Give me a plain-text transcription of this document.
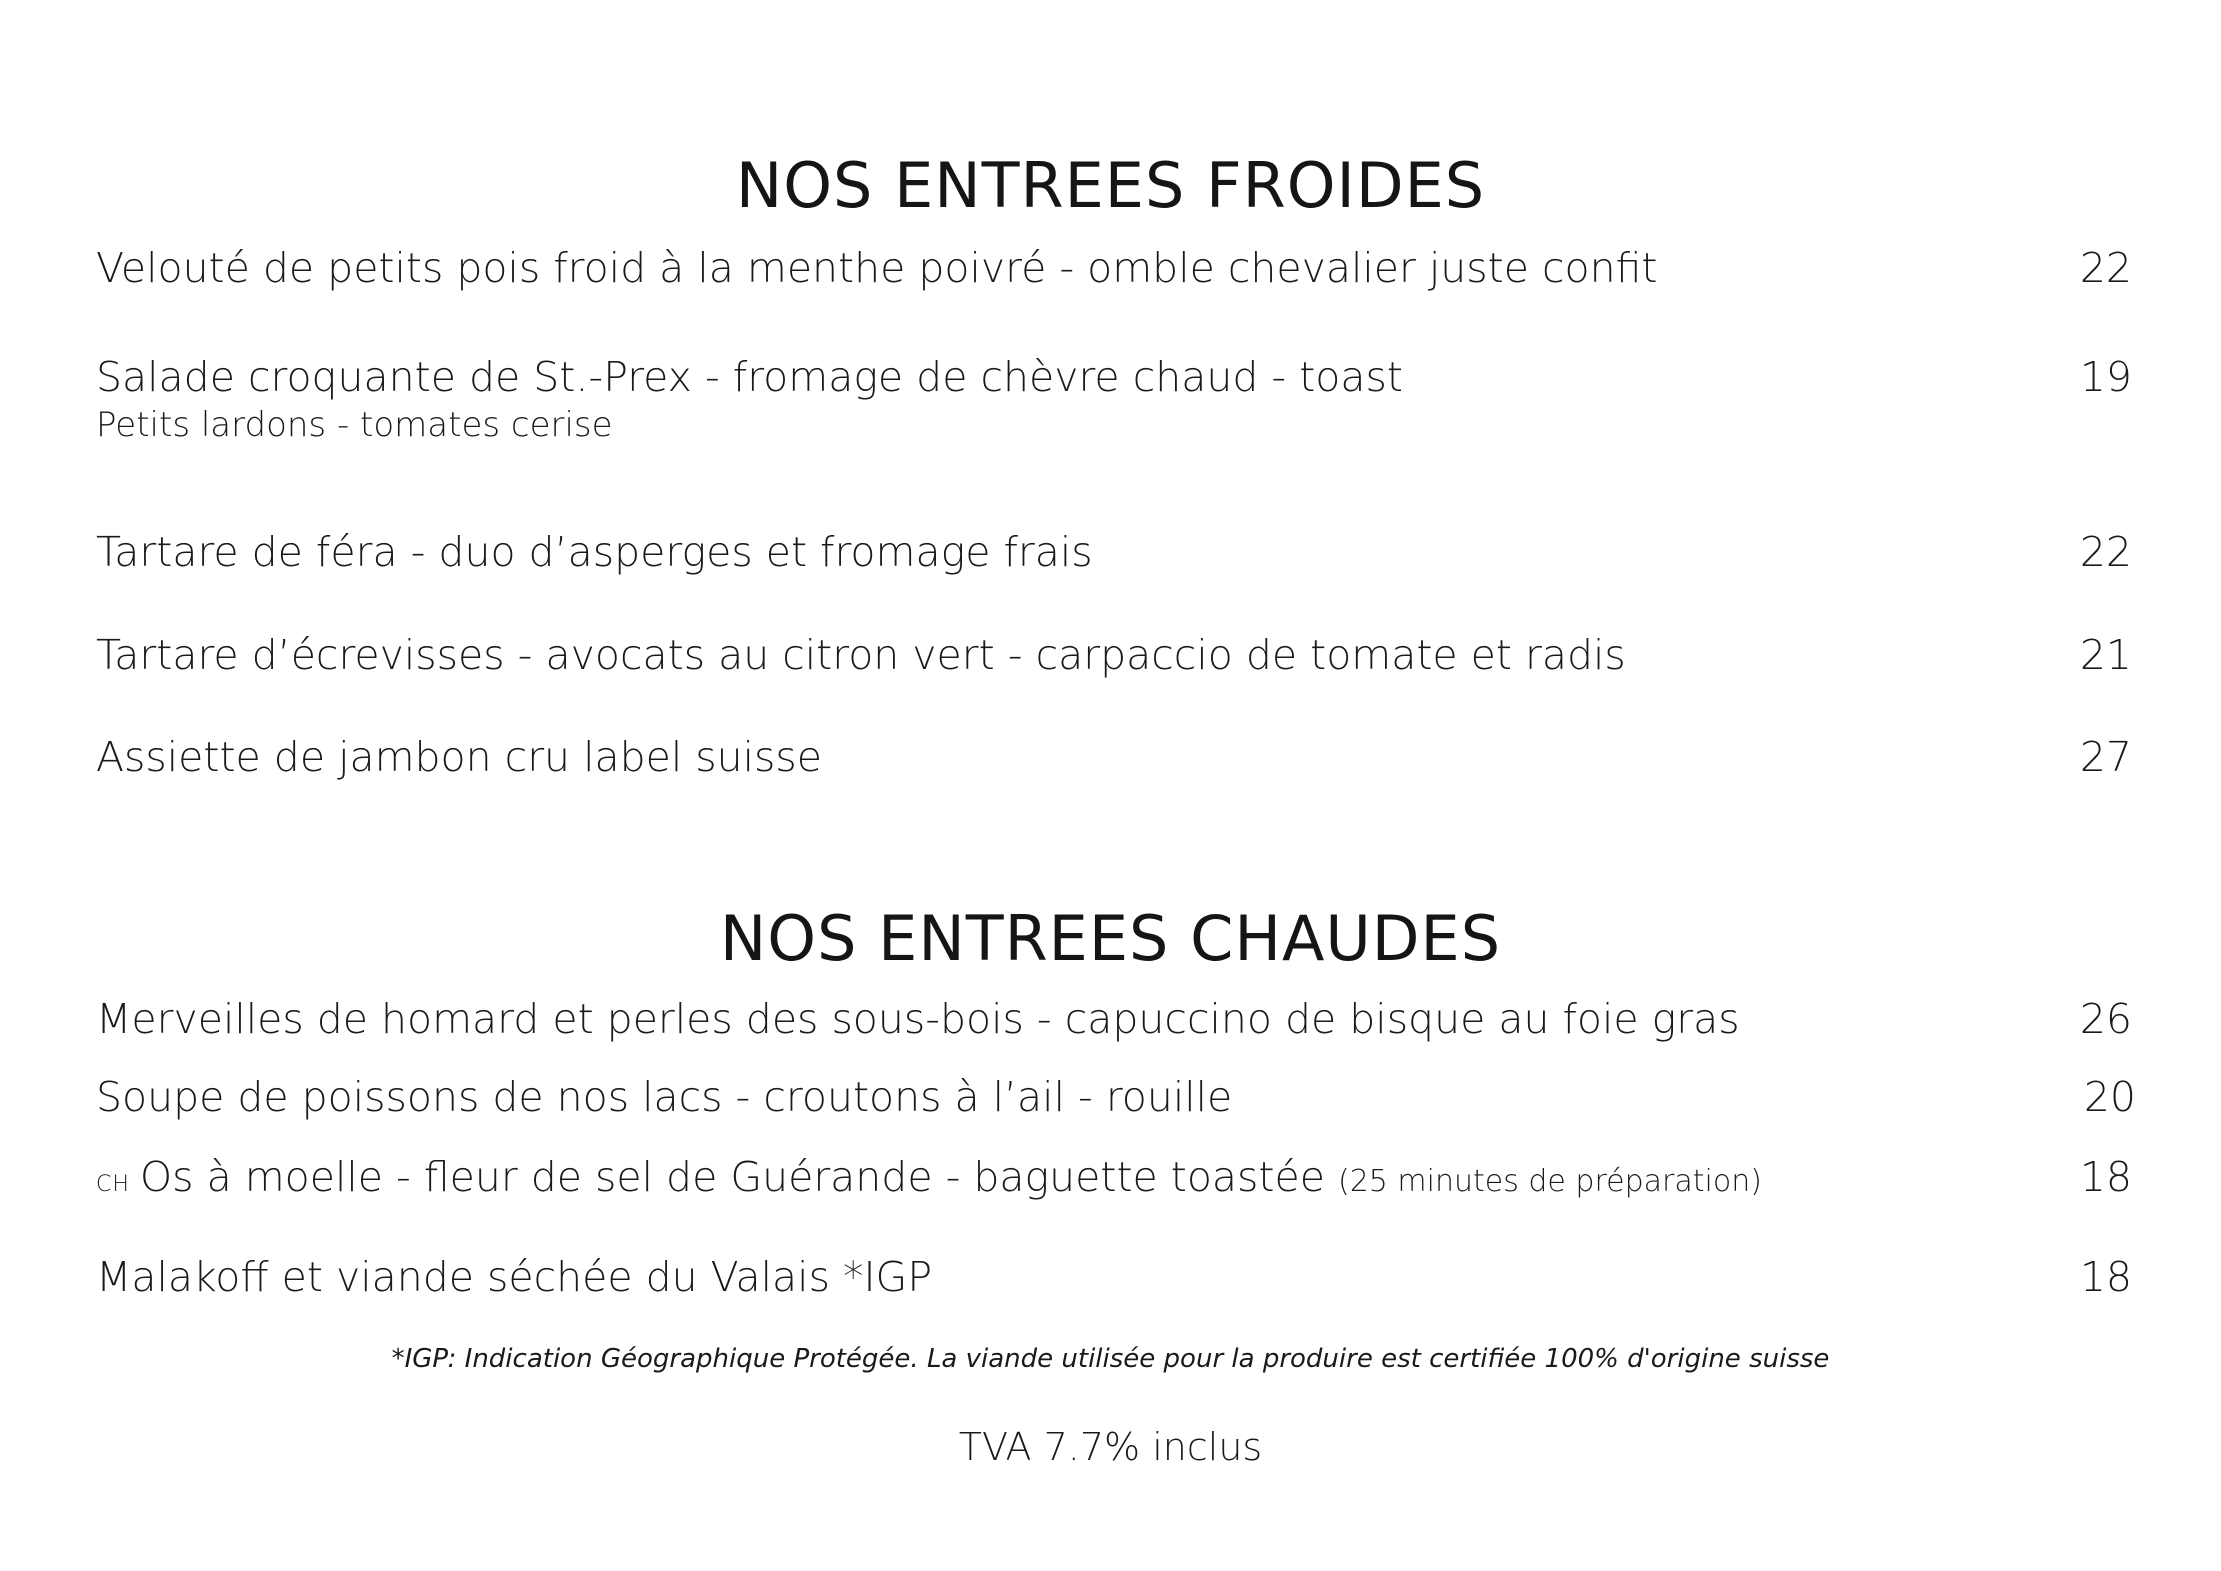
NOS ENTREES FROIDES
Velouté de petits pois froid à la menthe poivré - omble chevalier juste confit	22
Salade croquante de St.-Prex - fromage de chèvre chaud - toast	19
Petits lardons - tomates cerise
Tartare de féra - duo d’asperges et fromage frais	22
Tartare d’écrevisses - avocats au citron vert - carpaccio de tomate et radis	21
Assiette de jambon cru label suisse	27
NOS ENTREES CHAUDES
Merveilles de homard et perles des sous-bois - capuccino de bisque au foie gras	26
Soupe de poissons de nos lacs - croutons à l’ail - rouille	20
CH Os à moelle - fleur de sel de Guérande - baguette toastée (25 minutes de préparation)	18
Malakoff et viande séchée du Valais *IGP	18
*IGP: Indication Géographique Protégée. La viande utilisée pour la produire est certifiée 100% d'origine suisse
TVA 7.7% inclus
